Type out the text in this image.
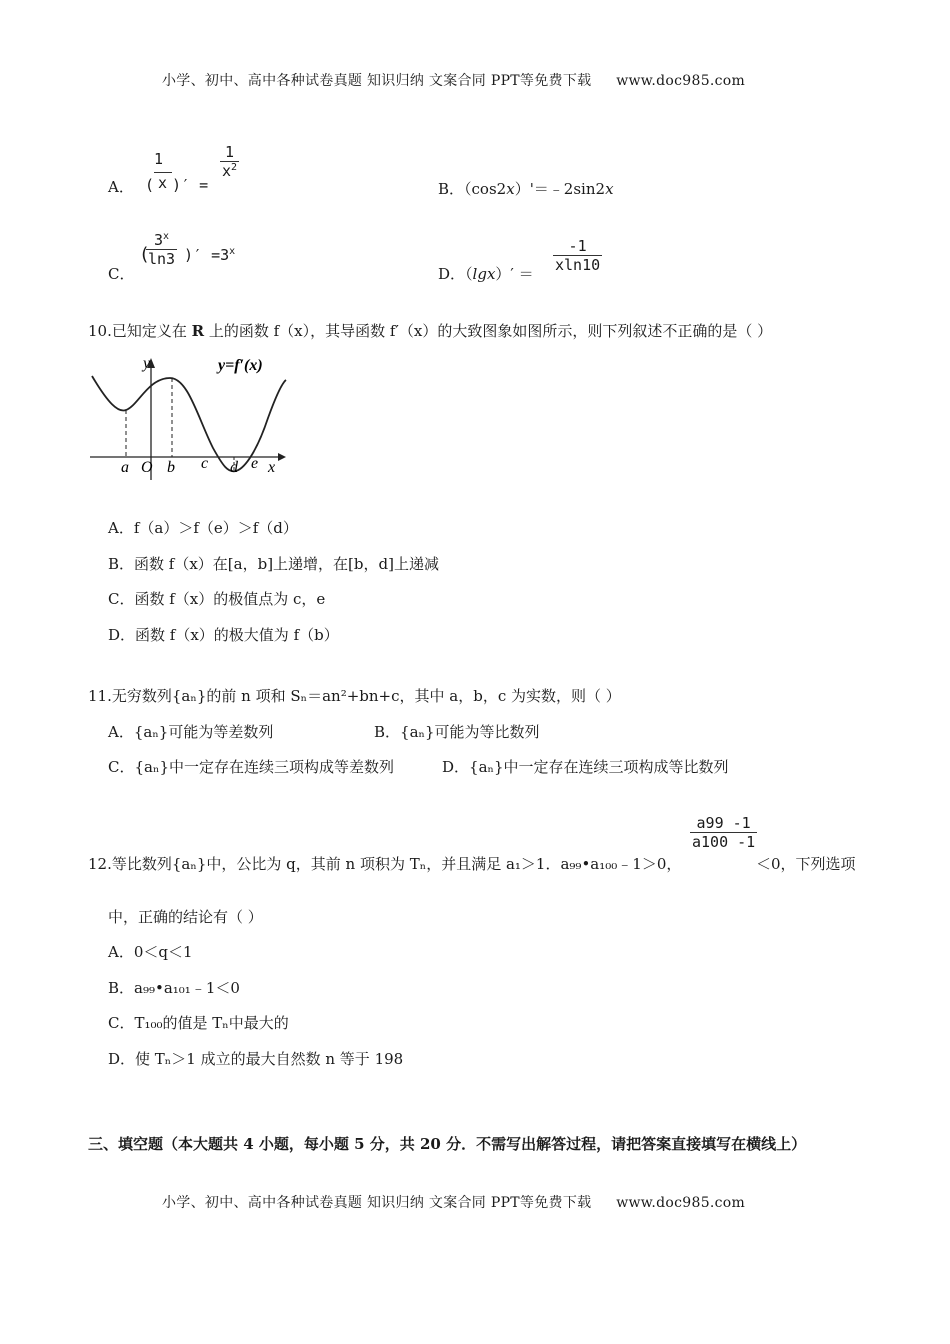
小学、初中、高中各种试卷真题 知识归纳 文案合同 PPT等免费下载 www.doc985.com
A． (
1
x )′ =
$\frac{1}{x^2}$
B．（cos2x）'＝﹣2sin2x
C．
(
$\frac{3^x}{\ln 3}$ )′ $=3^x$
D．$(\lg x)' = \frac{-1}{xln10}$
10.已知定义在 R 上的函数 f（x），其导函数 f′（x）的大致图象如图所示，则下列叙述不正确的是（ ）
y	y=f′(x)
x
a O b c d e
A．f（a）＞f（e）＞f（d）
B．函数 f（x）在[a，b]上递增，在[b，d]上递减
C．函数 f（x）的极值点为 c，e
D．函数 f（x）的极大值为 f（b）
11.无穷数列{aₙ}的前 n 项和 Sₙ＝an²+bn+c，其中 a，b，c 为实数，则（ ）
A．{aₙ}可能为等差数列	B．{aₙ}可能为等比数列
C．{aₙ}中一定存在连续三项构成等差数列	D．{aₙ}中一定存在连续三项构成等比数列
12.等比数列{aₙ}中，公比为 q，其前 n 项积为 Tₙ，并且满足 a₁＞1．a₉₉•a₁₀₀﹣1＞0，
$\frac{a99 -1}{a100 -1}$
＜0，下列选项
中，正确的结论有（ ）
A．0＜q＜1
B．a₉₉•a₁₀₁﹣1＜0
C．T₁₀₀的值是 Tₙ中最大的
D．使 Tₙ＞1 成立的最大自然数 n 等于 198
三、填空题（本大题共 4 小题，每小题 5 分，共 20 分．不需写出解答过程，请把答案直接填写在横线上）
小学、初中、高中各种试卷真题 知识归纳 文案合同 PPT等免费下载 www.doc985.com
